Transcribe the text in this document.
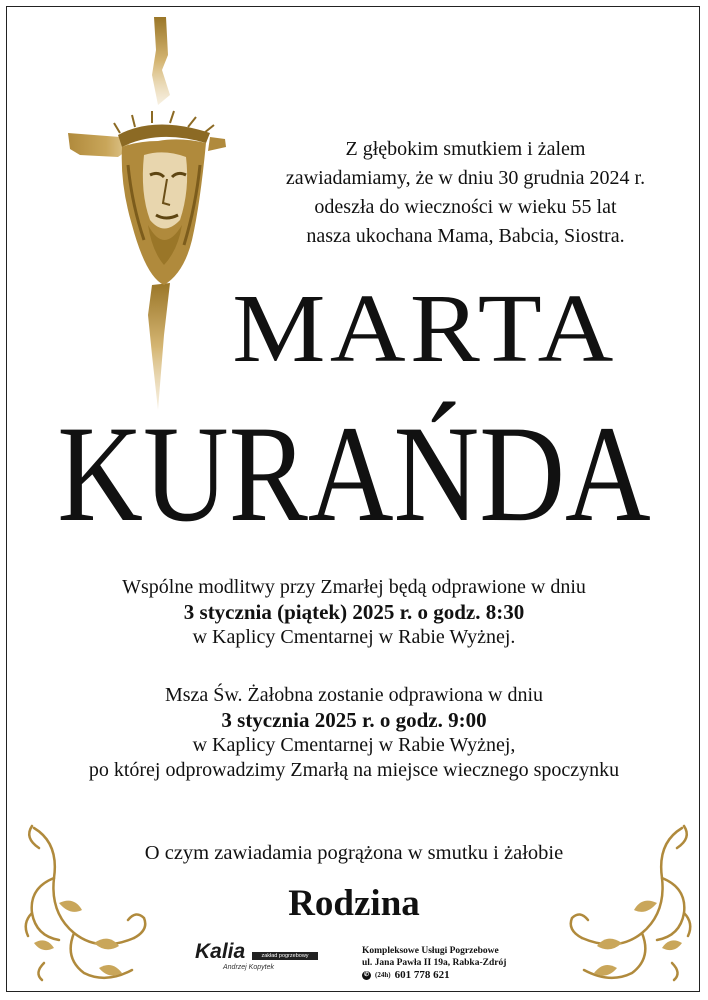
Z głębokim smutkiem i żalem
zawiadamiamy, że w dniu 30 grudnia 2024 r.
odeszła do wieczności w wieku 55 lat
nasza ukochana Mama, Babcia, Siostra.
MARTA
KURAŃDA
Wspólne modlitwy przy Zmarłej będą odprawione w dniu
3 stycznia (piątek) 2025 r. o godz. 8:30
w Kaplicy Cmentarnej w Rabie Wyżnej.
Msza Św. Żałobna zostanie odprawiona w dniu
3 stycznia 2025 r. o godz. 9:00
w Kaplicy Cmentarnej w Rabie Wyżnej,
po której odprowadzimy Zmarłą na miejsce wiecznego spoczynku
O czym zawiadamia pogrążona w smutku i żałobie
Rodzina
Kalia	zakład pogrzebowy
Andrzej Kopytek
Kompleksowe Usługi Pogrzebowe
ul. Jana Pawła II 19a, Rabka-Zdrój
✆ (24h) 601 778 621
